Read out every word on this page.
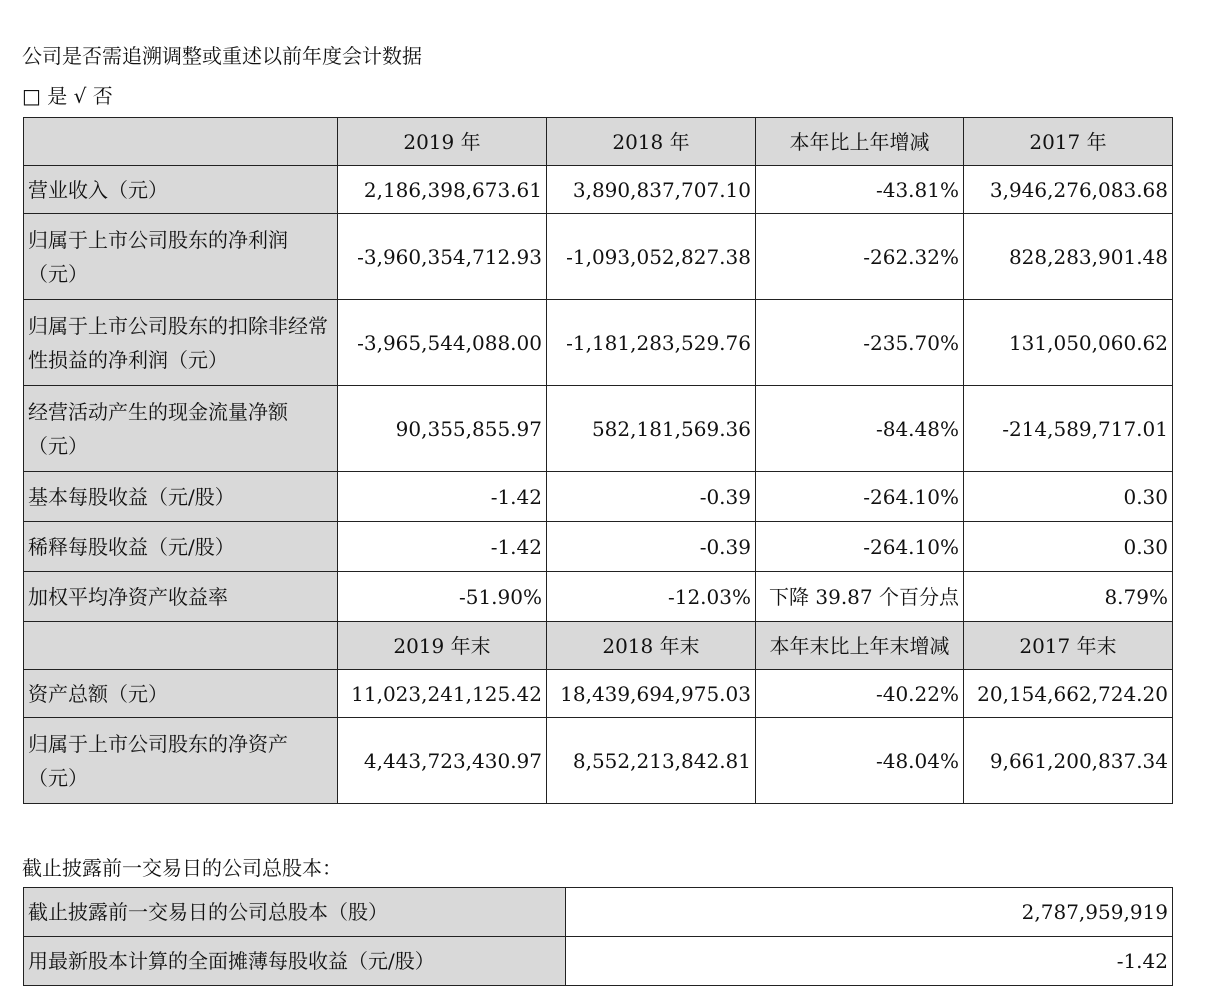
公司是否需追溯调整或重述以前年度会计数据
□ 是 √ 否
	2019 年	2018 年	本年比上年增减	2017 年
营业收入（元）	2,186,398,673.61	3,890,837,707.10	-43.81%	3,946,276,083.68
归属于上市公司股东的净利润（元）	-3,960,354,712.93	-1,093,052,827.38	-262.32%	828,283,901.48
归属于上市公司股东的扣除非经常性损益的净利润（元）	-3,965,544,088.00	-1,181,283,529.76	-235.70%	131,050,060.62
经营活动产生的现金流量净额（元）	90,355,855.97	582,181,569.36	-84.48%	-214,589,717.01
基本每股收益（元/股）	-1.42	-0.39	-264.10%	0.30
稀释每股收益（元/股）	-1.42	-0.39	-264.10%	0.30
加权平均净资产收益率	-51.90%	-12.03%	下降 39.87 个百分点	8.79%
	2019 年末	2018 年末	本年末比上年末增减	2017 年末
资产总额（元）	11,023,241,125.42	18,439,694,975.03	-40.22%	20,154,662,724.20
归属于上市公司股东的净资产（元）	4,443,723,430.97	8,552,213,842.81	-48.04%	9,661,200,837.34
截止披露前一交易日的公司总股本：
截止披露前一交易日的公司总股本（股）	2,787,959,919
用最新股本计算的全面摊薄每股收益（元/股）	-1.42
